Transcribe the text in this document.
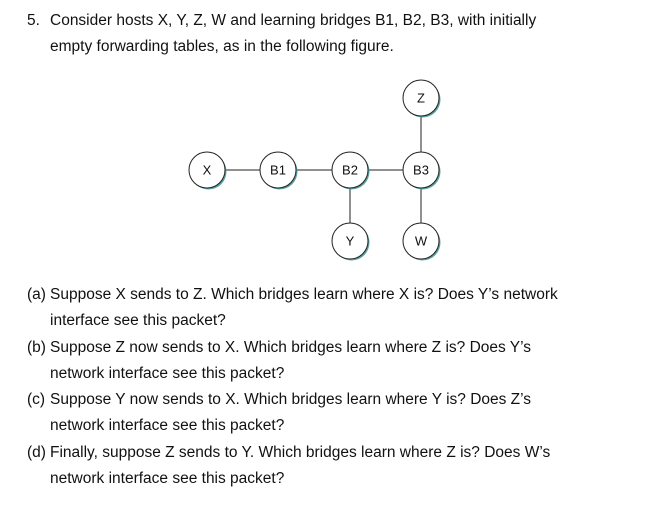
5. Consider hosts X, Y, Z, W and learning bridges B1, B2, B3, with initially
empty forwarding tables, as in the following figure.
X	B1	B2	B3
Z
Y	W
(a) Suppose X sends to Z. Which bridges learn where X is? Does Y’s network
interface see this packet?
(b) Suppose Z now sends to X. Which bridges learn where Z is? Does Y’s
network interface see this packet?
(c) Suppose Y now sends to X. Which bridges learn where Y is? Does Z’s
network interface see this packet?
(d) Finally, suppose Z sends to Y. Which bridges learn where Z is? Does W’s
network interface see this packet?
